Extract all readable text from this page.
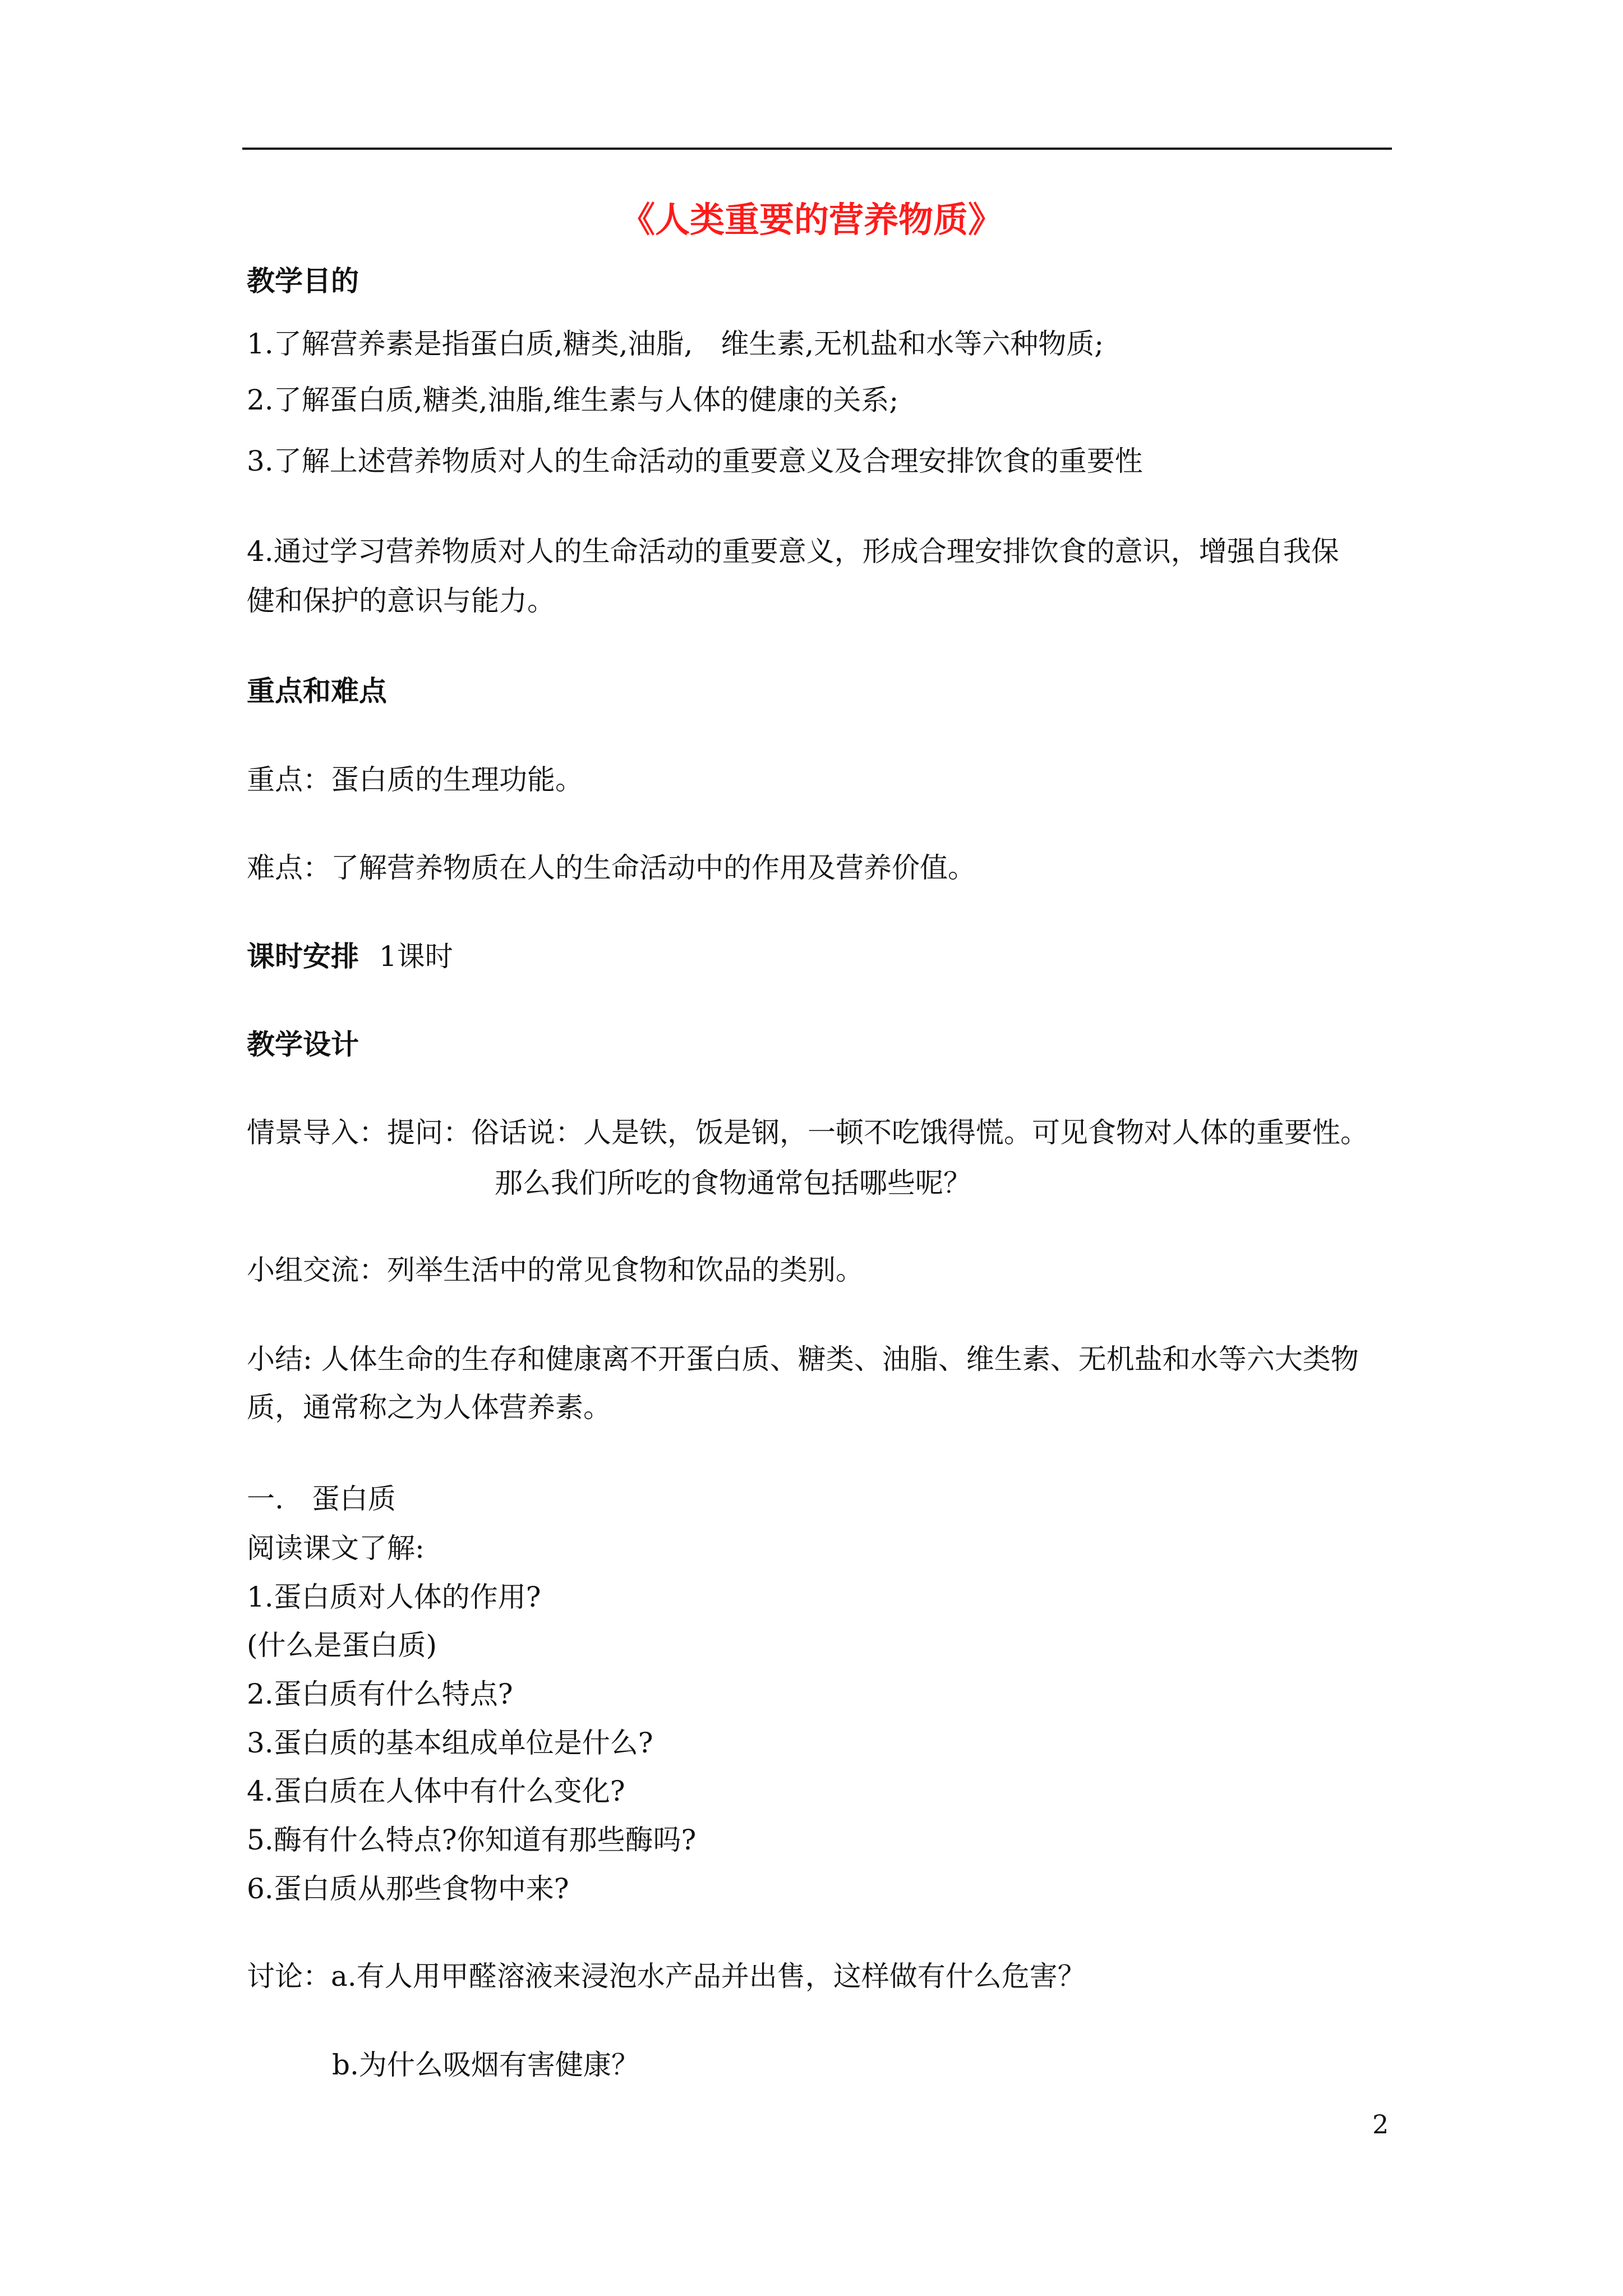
《人类重要的营养物质》
教学目的
1.了解营养素是指蛋白质,糖类,油脂,　维生素,无机盐和水等六种物质;
2.了解蛋白质,糖类,油脂,维生素与人体的健康的关系;
3.了解上述营养物质对人的生命活动的重要意义及合理安排饮食的重要性
4.通过学习营养物质对人的生命活动的重要意义，形成合理安排饮食的意识，增强自我保
健和保护的意识与能力。
重点和难点
重点：蛋白质的生理功能。
难点：了解营养物质在人的生命活动中的作用及营养价值。
课时安排 1课时
教学设计
情景导入：提问：俗话说：人是铁，饭是钢，一顿不吃饿得慌。可见食物对人体的重要性。
那么我们所吃的食物通常包括哪些呢？
小组交流：列举生活中的常见食物和饮品的类别。
小结: 人体生命的生存和健康离不开蛋白质、糖类、油脂、维生素、无机盐和水等六大类物
质，通常称之为人体营养素。
一.　蛋白质
阅读课文了解:
1.蛋白质对人体的作用?
(什么是蛋白质)
2.蛋白质有什么特点?
3.蛋白质的基本组成单位是什么?
4.蛋白质在人体中有什么变化?
5.酶有什么特点?你知道有那些酶吗?
6.蛋白质从那些食物中来?
讨论：a.有人用甲醛溶液来浸泡水产品并出售，这样做有什么危害？
b.为什么吸烟有害健康？
2
